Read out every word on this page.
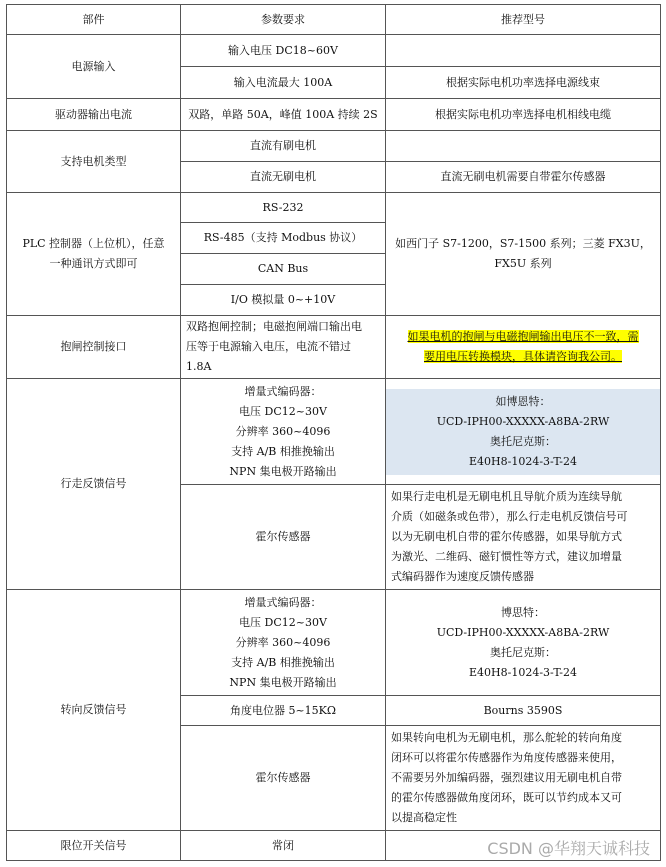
部件	参数要求	推荐型号
电源输入	输入电压 DC18~60V	
	输入电流最大 100A	根据实际电机功率选择电源线束
驱动器输出电流	双路，单路 50A，峰值 100A 持续 2S	根据实际电机功率选择电机相线电缆
支持电机类型	直流有刷电机	
	直流无刷电机	直流无刷电机需要自带霍尔传感器

PLC 控制器（上位机），任意
一种通讯方式即可	RS-232	如西门子 S7-1200，S7-1500 系列；三菱 FX3U，
FX5U 系列

	RS-485（支持 Modbus 协议）	
	CAN Bus	
	I/O 模拟量 0~+10V	
抱闸控制接口	双路抱闸控制；电磁抱闸端口输出电
压等于电源输入电压，电流不错过
1.8A	如果电机的抱闸与电磁抱闸输出电压不一致，需
要用电压转换模块，具体请咨询我公司。
行走反馈信号	增量式编码器：
电压 DC12~30V
分辨率 360~4096
支持 A/B 相推挽输出
NPN 集电极开路输出	如博恩特：
UCD-IPH00-XXXXX-A8BA-2RW
奥托尼克斯：
E40H8-1024-3-T-24

	霍尔传感器	如果行走电机是无刷电机且导航介质为连续导航
介质（如磁条或色带），那么行走电机反馈信号可
以为无刷电机自带的霍尔传感器，如果导航方式
为激光、二维码、磁钉惯性等方式，建议加增量
式编码器作为速度反馈传感器

转向反馈信号	增量式编码器：
电压 DC12~30V
分辨率 360~4096
支持 A/B 相推挽输出
NPN 集电极开路输出	博思特：
UCD-IPH00-XXXXX-A8BA-2RW
奥托尼克斯：
E40H8-1024-3-T-24

	角度电位器 5~15KΩ	Bourns 3590S
	霍尔传感器	如果转向电机为无刷电机，那么舵轮的转向角度
闭环可以将霍尔传感器作为角度传感器来使用，
不需要另外加编码器，强烈建议用无刷电机自带
的霍尔传感器做角度闭环，既可以节约成本又可
以提高稳定性

限位开关信号	常闭		CSDN @华翔天诚科技
